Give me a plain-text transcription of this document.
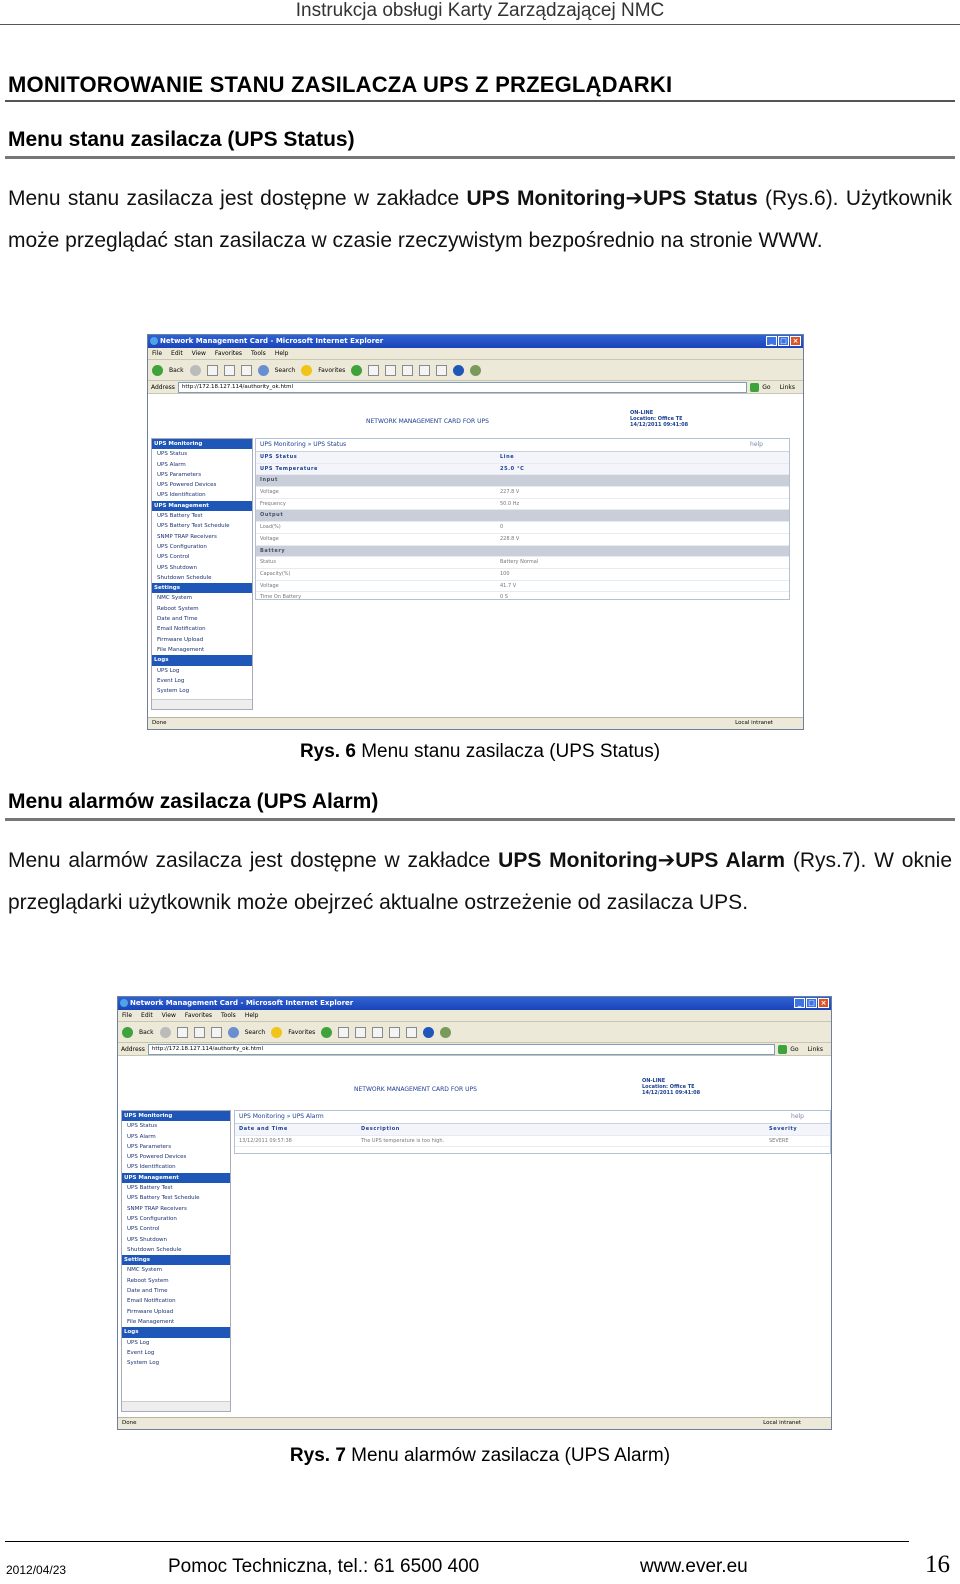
Instrukcja obsługi Karty Zarządzającej NMC
MONITOROWANIE STANU ZASILACZA UPS Z PRZEGLĄDARKI
Menu stanu zasilacza (UPS Status)
Menu stanu zasilacza jest dostępne w zakładce UPS Monitoring➔UPS Status (Rys.6). Użytkownik może przeglądać stan zasilacza w czasie rzeczywistym bezpośrednio na stronie WWW.
Network Management Card - Microsoft Internet Explorer	_ □ ×
File Edit View Favorites Tools Help
Back	Search	Favorites
Address	http://172.18.127.114/authority_ok.html	Go Links
NETWORK MANAGEMENT CARD FOR UPS
ON-LINE
Location: Office TE
14/12/2011 09:41:08
UPS Monitoring
UPS Status
UPS Alarm
UPS Parameters
UPS Powered Devices
UPS Identification
UPS Management
UPS Battery Test
UPS Battery Test Schedule
SNMP TRAP Receivers
UPS Configuration
UPS Control
UPS Shutdown
Shutdown Schedule
Settings
NMC System
Reboot System
Date and Time
Email Notification
Firmware Upload
File Management
Logs
UPS Log
Event Log
System Log
UPS Monitoring » UPS Status	help
UPS Status	Line
UPS Temperature	25.0 °C
Input
Voltage	227.8 V
Frequency	50.0 Hz
Output
Load(%)	0
Voltage	228.8 V
Battery
Status	Battery Normal
Capacity(%)	100
Voltage	41.7 V
Time On Battery	0 S
Done	Local intranet
Rys. 6 Menu stanu zasilacza (UPS Status)
Menu alarmów zasilacza (UPS Alarm)
Menu alarmów zasilacza jest dostępne w zakładce UPS Monitoring➔UPS Alarm (Rys.7). W oknie przeglądarki użytkownik może obejrzeć aktualne ostrzeżenie od zasilacza UPS.
Network Management Card - Microsoft Internet Explorer	_ □ ×
File Edit View Favorites Tools Help
Back	Search	Favorites
Address	http://172.18.127.114/authority_ok.html	Go Links
NETWORK MANAGEMENT CARD FOR UPS
ON-LINE
Location: Office TE
14/12/2011 09:41:08
UPS Monitoring
UPS Status
UPS Alarm
UPS Parameters
UPS Powered Devices
UPS Identification
UPS Management
UPS Battery Test
UPS Battery Test Schedule
SNMP TRAP Receivers
UPS Configuration
UPS Control
UPS Shutdown
Shutdown Schedule
Settings
NMC System
Reboot System
Date and Time
Email Notification
Firmware Upload
File Management
Logs
UPS Log
Event Log
System Log
UPS Monitoring » UPS Alarm	help
Date and Time	Description	Severity
13/12/2011 09:57:38	The UPS temperature is too high.	SEVERE
Done	Local intranet
Rys. 7 Menu alarmów zasilacza (UPS Alarm)
2012/04/23	Pomoc Techniczna, tel.: 61 6500 400	www.ever.eu	16
